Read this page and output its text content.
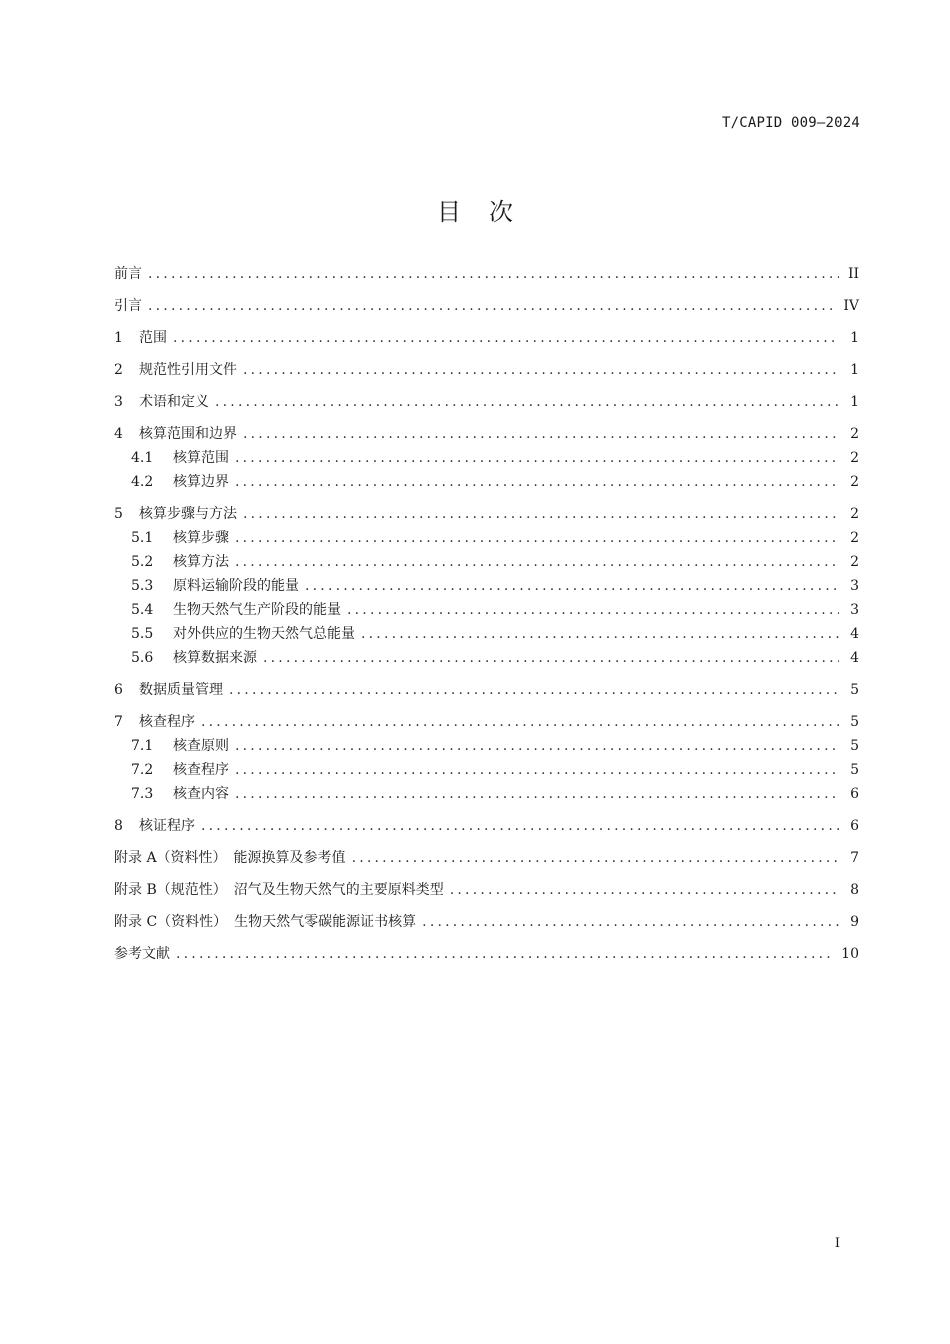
T/CAPID 009—2024
目次
前言 .....	II
引言 .....	IV
1	范围 .....	1
2	规范性引用文件 .....	1
3	术语和定义 .....	1
4	核算范围和边界 .....	2
4.1	核算范围 .....	2
4.2	核算边界 .....	2
5	核算步骤与方法 .....	2
5.1	核算步骤 .....	2
5.2	核算方法 .....	2
5.3	原料运输阶段的能量 .....	3
5.4	生物天然气生产阶段的能量 .....	3
5.5	对外供应的生物天然气总能量 .....	4
5.6	核算数据来源 .....	4
6	数据质量管理 .....	5
7	核查程序 .....	5
7.1	核查原则 .....	5
7.2	核查程序 .....	5
7.3	核查内容 .....	6
8	核证程序 .....	6
附录 A（资料性）　能源换算及参考值 .....	7
附录 B（规范性）　沼气及生物天然气的主要原料类型 .....	8
附录 C（资料性）　生物天然气零碳能源证书核算 .....	9
参考文献 .....	10
I
